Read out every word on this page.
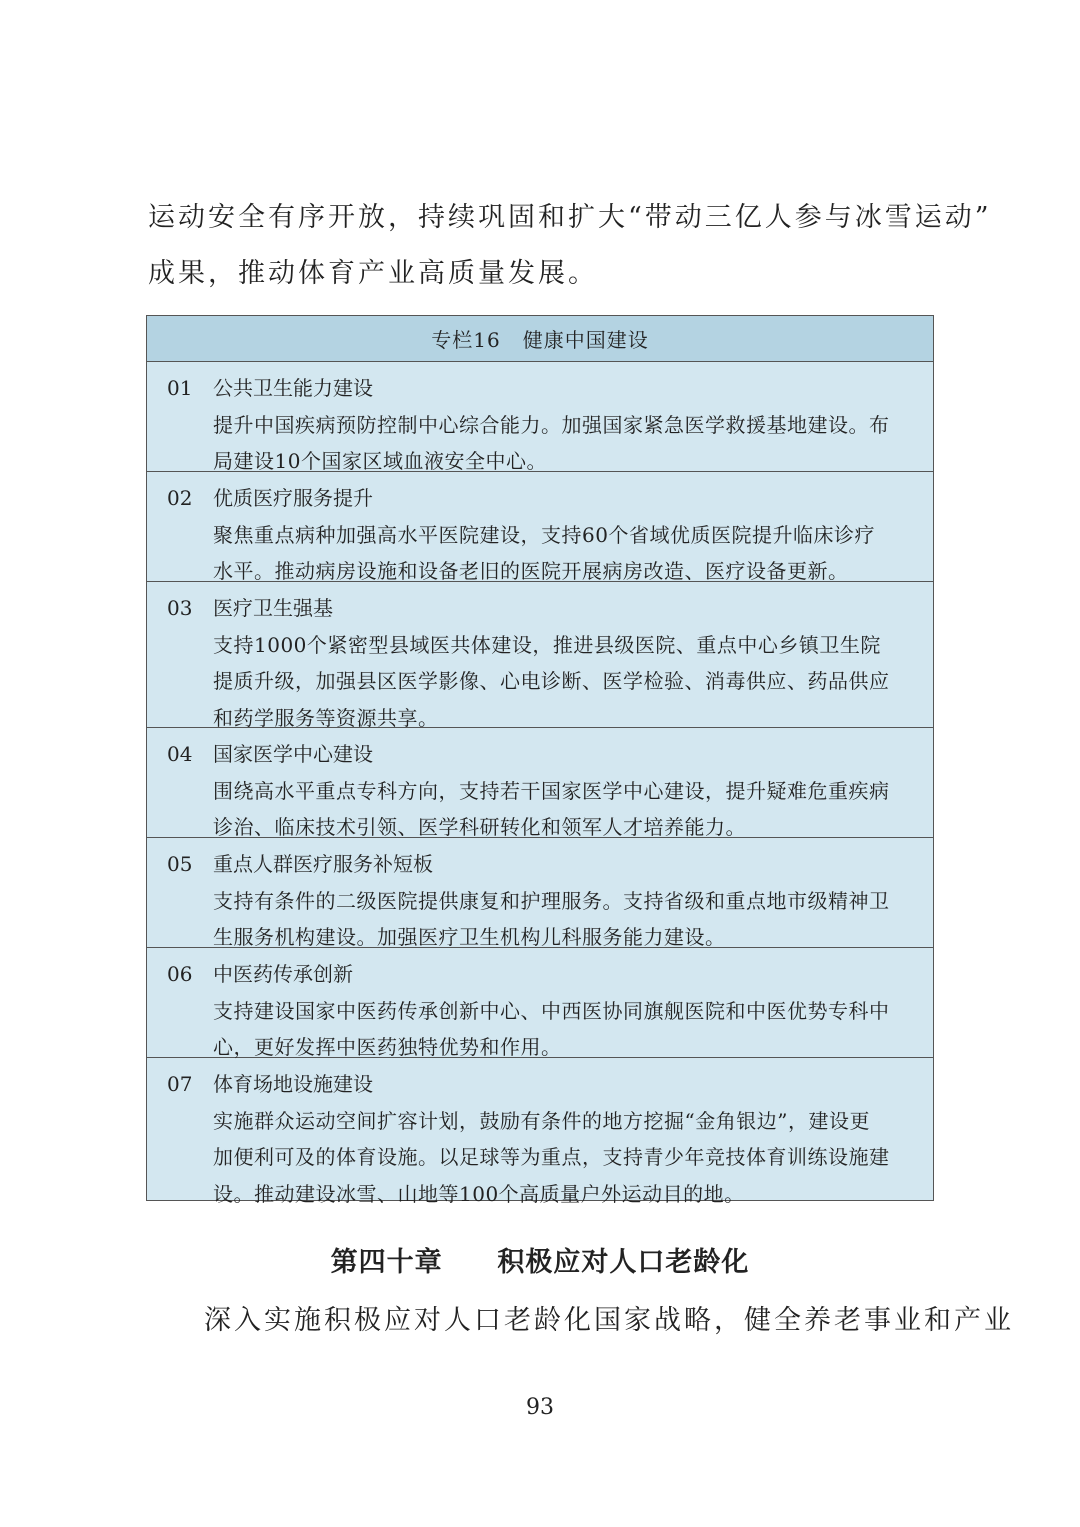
运动安全有序开放，持续巩固和扩大“带动三亿人参与冰雪运动”

成果，推动体育产业高质量发展。

专栏16 健康中国建设
01	公共卫生能力建设
提升中国疾病预防控制中心综合能力。加强国家紧急医学救援基地建设。布
局建设10个国家区域血液安全中心。
02	优质医疗服务提升
聚焦重点病种加强高水平医院建设，支持60个省域优质医院提升临床诊疗
水平。推动病房设施和设备老旧的医院开展病房改造、医疗设备更新。
03	医疗卫生强基
支持1000个紧密型县域医共体建设，推进县级医院、重点中心乡镇卫生院
提质升级，加强县区医学影像、心电诊断、医学检验、消毒供应、药品供应
和药学服务等资源共享。
04	国家医学中心建设
围绕高水平重点专科方向，支持若干国家医学中心建设，提升疑难危重疾病
诊治、临床技术引领、医学科研转化和领军人才培养能力。
05	重点人群医疗服务补短板
支持有条件的二级医院提供康复和护理服务。支持省级和重点地市级精神卫
生服务机构建设。加强医疗卫生机构儿科服务能力建设。
06	中医药传承创新
支持建设国家中医药传承创新中心、中西医协同旗舰医院和中医优势专科中
心，更好发挥中医药独特优势和作用。
07	体育场地设施建设
实施群众运动空间扩容计划，鼓励有条件的地方挖掘“金角银边”，建设更
加便利可及的体育设施。以足球等为重点，支持青少年竞技体育训练设施建
设。推动建设冰雪、山地等100个高质量户外运动目的地。
第四十章 积极应对人口老龄化

深入实施积极应对人口老龄化国家战略，健全养老事业和产业

93
